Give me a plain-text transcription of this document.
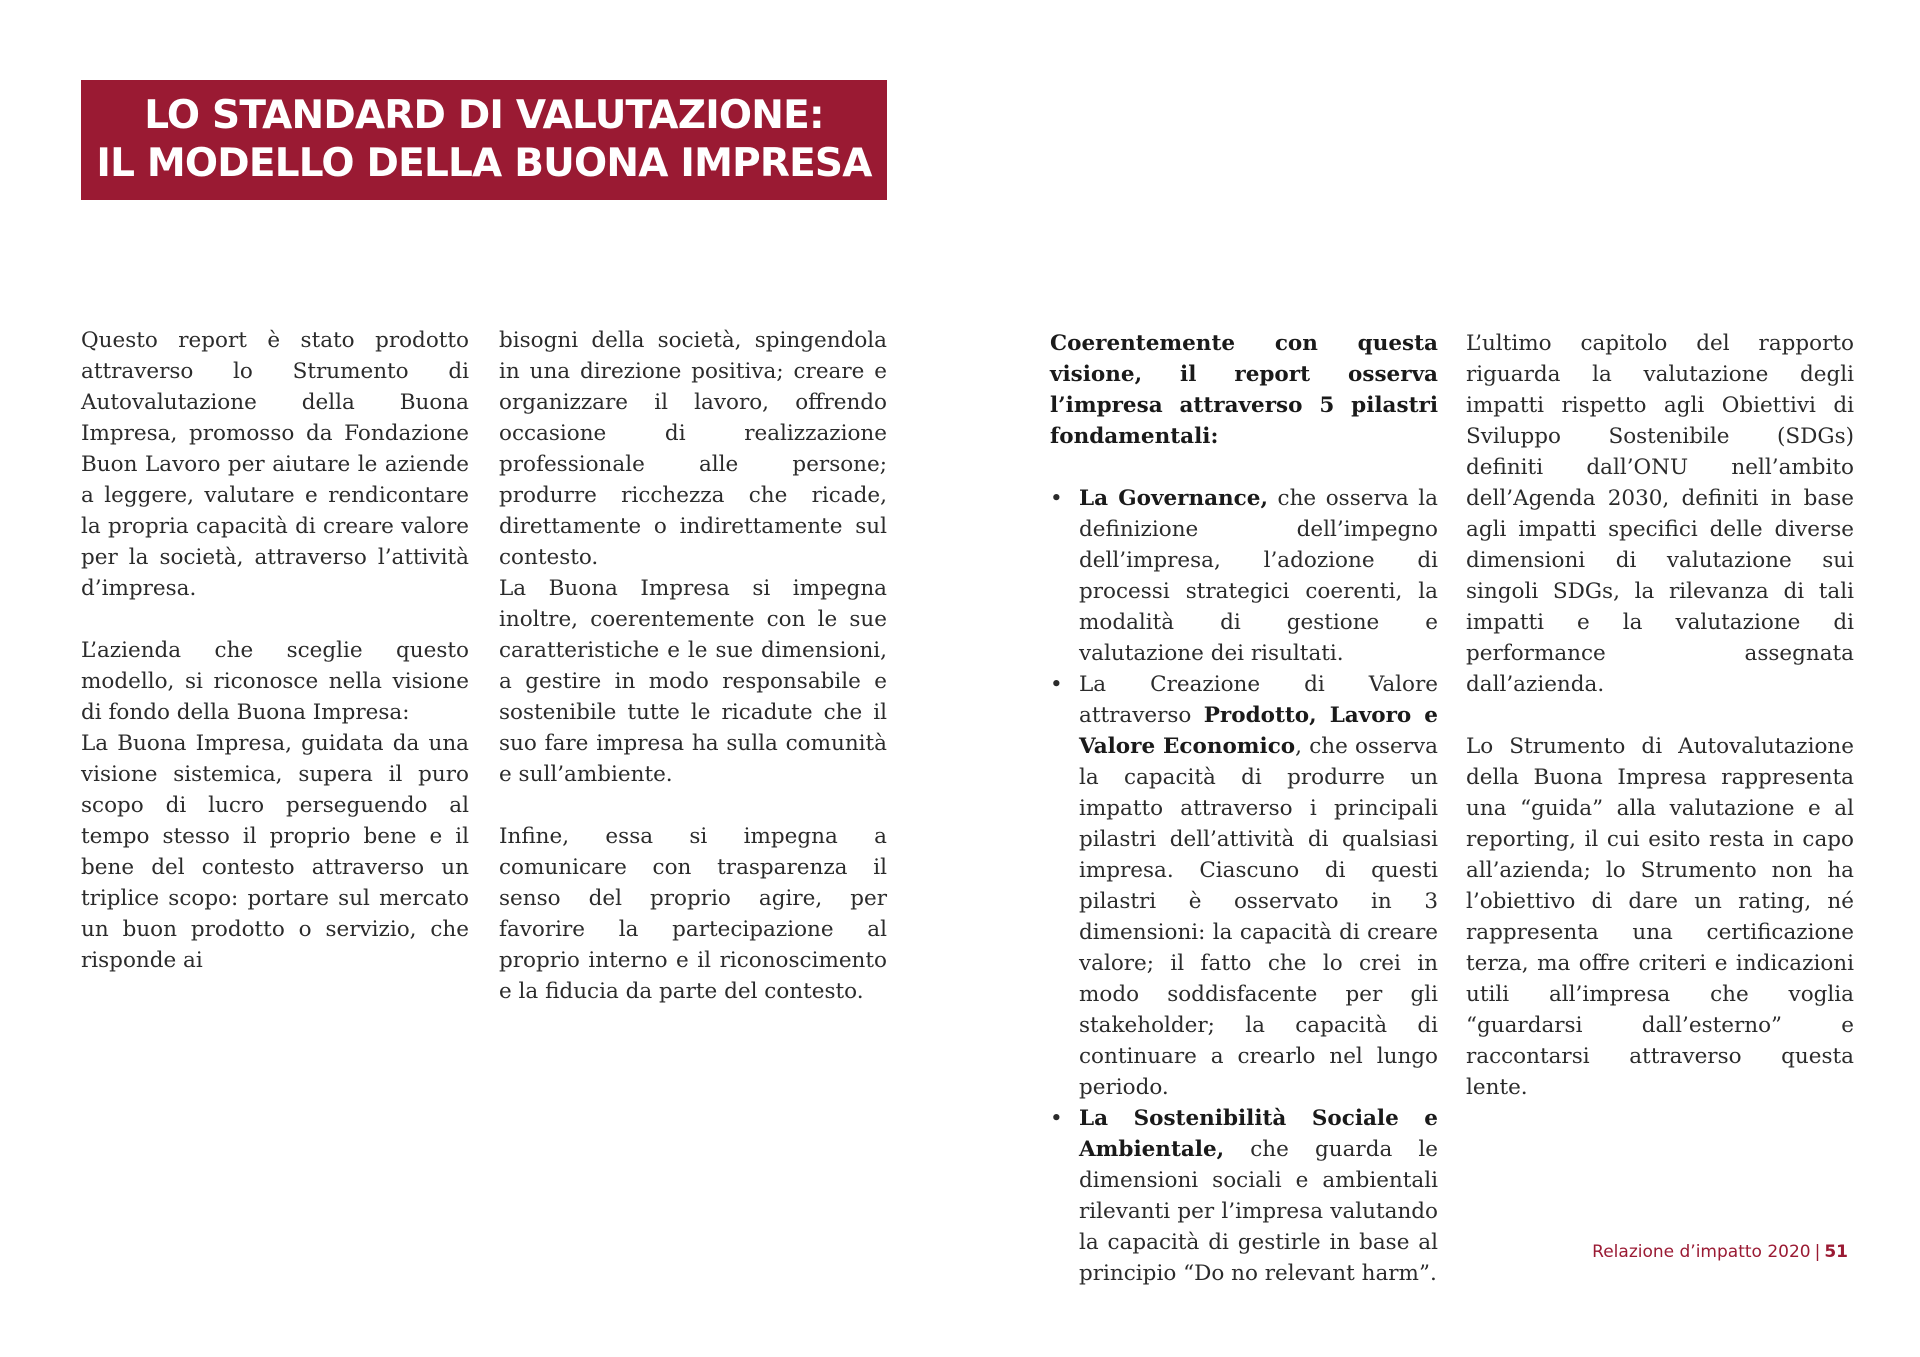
LO STANDARD DI VALUTAZIONE:
IL MODELLO DELLA BUONA IMPRESA

Questo report è stato prodotto attraverso lo Strumento di Autovalutazione della Buona Impresa, promosso da Fondazione Buon Lavoro per aiutare le aziende a leggere, valutare e rendicontare la propria capacità di creare valore per la società, attraverso l’attività d’impresa.

L’azienda che sceglie questo modello, si riconosce nella visione di fondo della Buona Impresa:

La Buona Impresa, guidata da una visione sistemica, supera il puro scopo di lucro perseguendo al tempo stesso il proprio bene e il bene del contesto attraverso un triplice scopo: portare sul mercato un buon prodotto o servizio, che risponde ai

bisogni della società, spingendola in una direzione positiva; creare e organizzare il lavoro, offrendo occasione di realizzazione professionale alle persone; produrre ricchezza che ricade, direttamente o indirettamente sul contesto.

La Buona Impresa si impegna inoltre, coerentemente con le sue caratteristiche e le sue dimensioni, a gestire in modo responsabile e sostenibile tutte le ricadute che il suo fare impresa ha sulla comunità e sull’ambiente.

Infine, essa si impegna a comunicare con trasparenza il senso del proprio agire, per favorire la partecipazione al proprio interno e il riconoscimento e la fiducia da parte del contesto.

Coerentemente con questa visione, il report osserva l’impresa attraverso 5 pilastri fondamentali:

• La Governance, che osserva la definizione dell’impegno dell’impresa, l’adozione di processi strategici coerenti, la modalità di gestione e valutazione dei risultati.
• La Creazione di Valore attraverso Prodotto, Lavoro e Valore Economico, che osserva la capacità di produrre un impatto attraverso i principali pilastri dell’attività di qualsiasi impresa. Ciascuno di questi pilastri è osservato in 3 dimensioni: la capacità di creare valore; il fatto che lo crei in modo soddisfacente per gli stakeholder; la capacità di continuare a crearlo nel lungo periodo.
• La Sostenibilità Sociale e Ambientale, che guarda le dimensioni sociali e ambientali rilevanti per l’impresa valutando la capacità di gestirle in base al principio “Do no relevant harm”.

L’ultimo capitolo del rapporto riguarda la valutazione degli impatti rispetto agli Obiettivi di Sviluppo Sostenibile (SDGs) definiti dall’ONU nell’ambito dell’Agenda 2030, definiti in base agli impatti specifici delle diverse dimensioni di valutazione sui singoli SDGs, la rilevanza di tali impatti e la valutazione di performance assegnata dall’azienda.

Lo Strumento di Autovalutazione della Buona Impresa rappresenta una “guida” alla valutazione e al reporting, il cui esito resta in capo all’azienda; lo Strumento non ha l’obiettivo di dare un rating, né rappresenta una certificazione terza, ma offre criteri e indicazioni utili all’impresa che voglia “guardarsi dall’esterno” e raccontarsi attraverso questa lente.

Relazione d’impatto 2020 | 51
